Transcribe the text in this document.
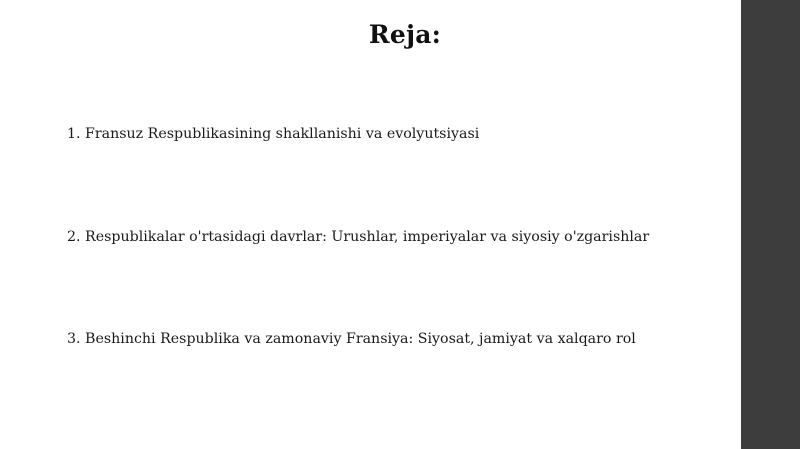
Reja:
1. Fransuz Respublikasining shakllanishi va evolyutsiyasi
2. Respublikalar o'rtasidagi davrlar: Urushlar, imperiyalar va siyosiy o'zgarishlar
3. Beshinchi Respublika va zamonaviy Fransiya: Siyosat, jamiyat va xalqaro rol
